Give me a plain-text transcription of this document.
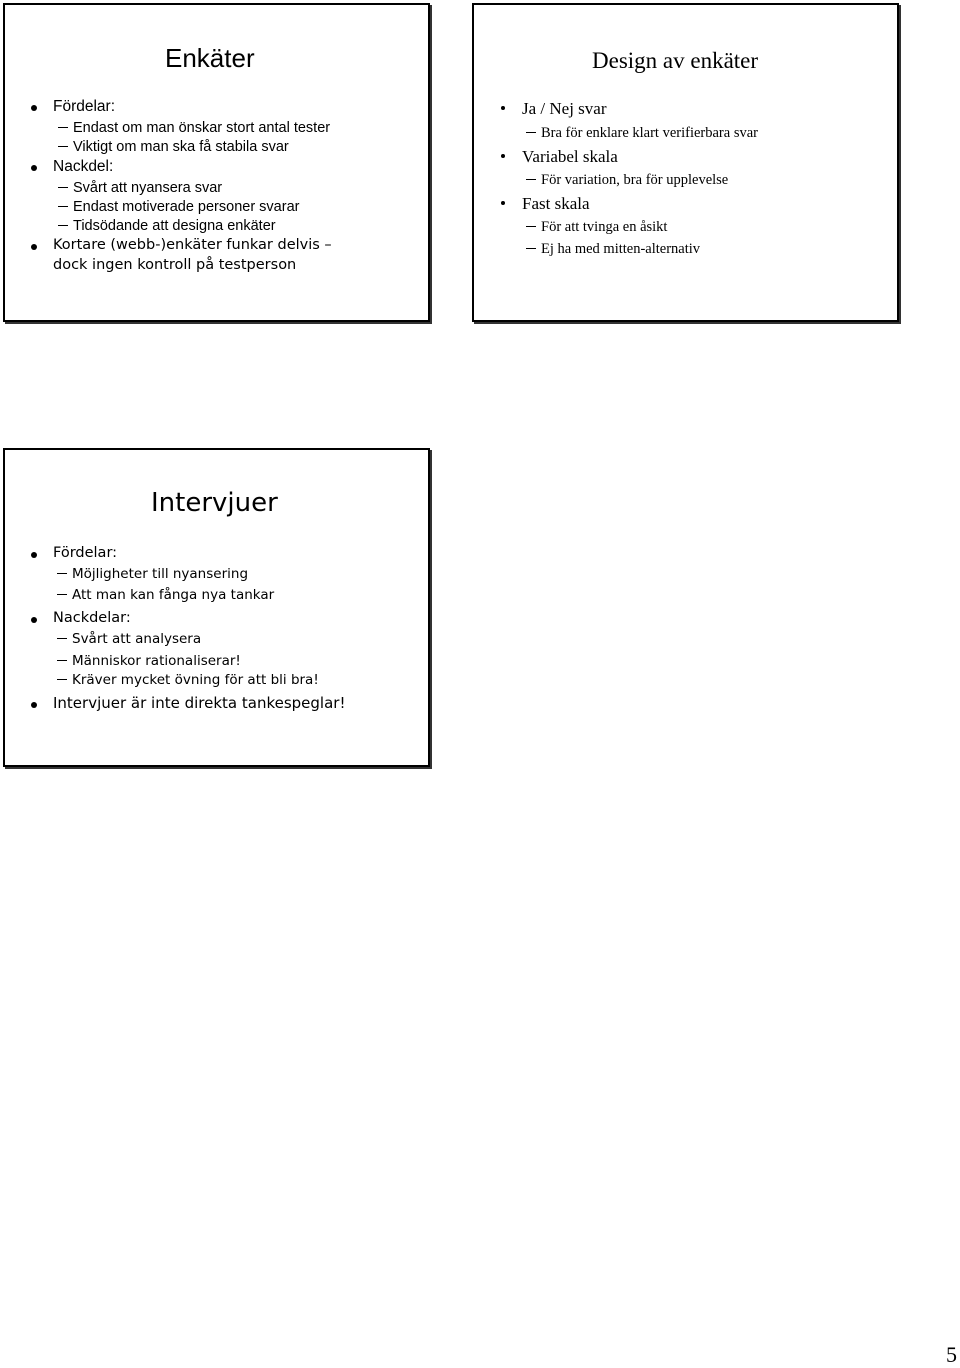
Enkäter
Fördelar:
Endast om man önskar stort antal tester
Viktigt om man ska få stabila svar
Nackdel:
Svårt att nyansera svar
Endast motiverade personer svarar
Tidsödande att designa enkäter
Kortare (webb-)enkäter funkar delvis –
dock ingen kontroll på testperson
Design av enkäter
Ja / Nej svar
Bra för enklare klart verifierbara svar
Variabel skala
För variation, bra för upplevelse
Fast skala
För att tvinga en åsikt
Ej ha med mitten-alternativ
Intervjuer
Fördelar:
Möjligheter till nyansering
Att man kan fånga nya tankar
Nackdelar:
Svårt att analysera
Människor rationaliserar!
Kräver mycket övning för att bli bra!
Intervjuer är inte direkta tankespeglar!
5
